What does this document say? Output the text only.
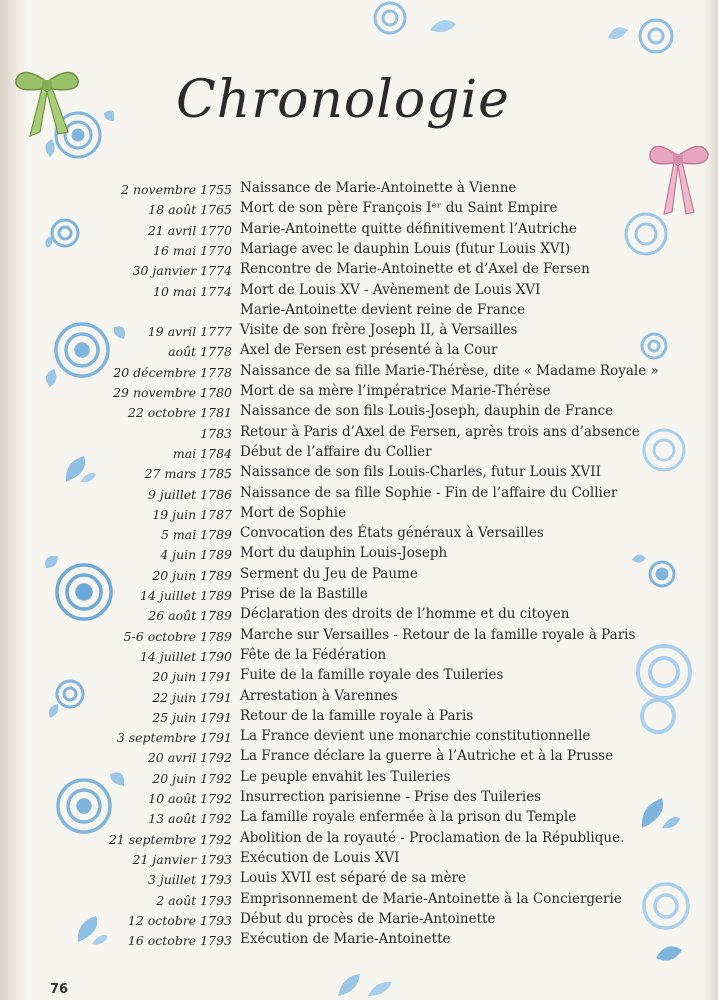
Chronologie
2 novembre 1755 Naissance de Marie-Antoinette à Vienne
18 août 1765 Mort de son père François Iᵉʳ du Saint Empire
21 avril 1770 Marie-Antoinette quitte définitivement l’Autriche
16 mai 1770 Mariage avec le dauphin Louis (futur Louis XVI)
30 janvier 1774 Rencontre de Marie-Antoinette et d’Axel de Fersen
10 mai 1774 Mort de Louis XV - Avènement de Louis XVI
Marie-Antoinette devient reine de France
19 avril 1777 Visite de son frère Joseph II, à Versailles
août 1778 Axel de Fersen est présenté à la Cour
20 décembre 1778 Naissance de sa fille Marie-Thérèse, dite « Madame Royale »
29 novembre 1780 Mort de sa mère l’impératrice Marie-Thérèse
22 octobre 1781 Naissance de son fils Louis-Joseph, dauphin de France
1783 Retour à Paris d’Axel de Fersen, après trois ans d’absence
mai 1784 Début de l’affaire du Collier
27 mars 1785 Naissance de son fils Louis-Charles, futur Louis XVII
9 juillet 1786 Naissance de sa fille Sophie - Fin de l’affaire du Collier
19 juin 1787 Mort de Sophie
5 mai 1789 Convocation des États généraux à Versailles
4 juin 1789 Mort du dauphin Louis-Joseph
20 juin 1789 Serment du Jeu de Paume
14 juillet 1789 Prise de la Bastille
26 août 1789 Déclaration des droits de l’homme et du citoyen
5-6 octobre 1789 Marche sur Versailles - Retour de la famille royale à Paris
14 juillet 1790 Fête de la Fédération
20 juin 1791 Fuite de la famille royale des Tuileries
22 juin 1791 Arrestation à Varennes
25 juin 1791 Retour de la famille royale à Paris
3 septembre 1791 La France devient une monarchie constitutionnelle
20 avril 1792 La France déclare la guerre à l’Autriche et à la Prusse
20 juin 1792 Le peuple envahit les Tuileries
10 août 1792 Insurrection parisienne - Prise des Tuileries
13 août 1792 La famille royale enfermée à la prison du Temple
21 septembre 1792 Abolition de la royauté - Proclamation de la République.
21 janvier 1793 Exécution de Louis XVI
3 juillet 1793 Louis XVII est séparé de sa mère
2 août 1793 Emprisonnement de Marie-Antoinette à la Conciergerie
12 octobre 1793 Début du procès de Marie-Antoinette
16 octobre 1793 Exécution de Marie-Antoinette
76
